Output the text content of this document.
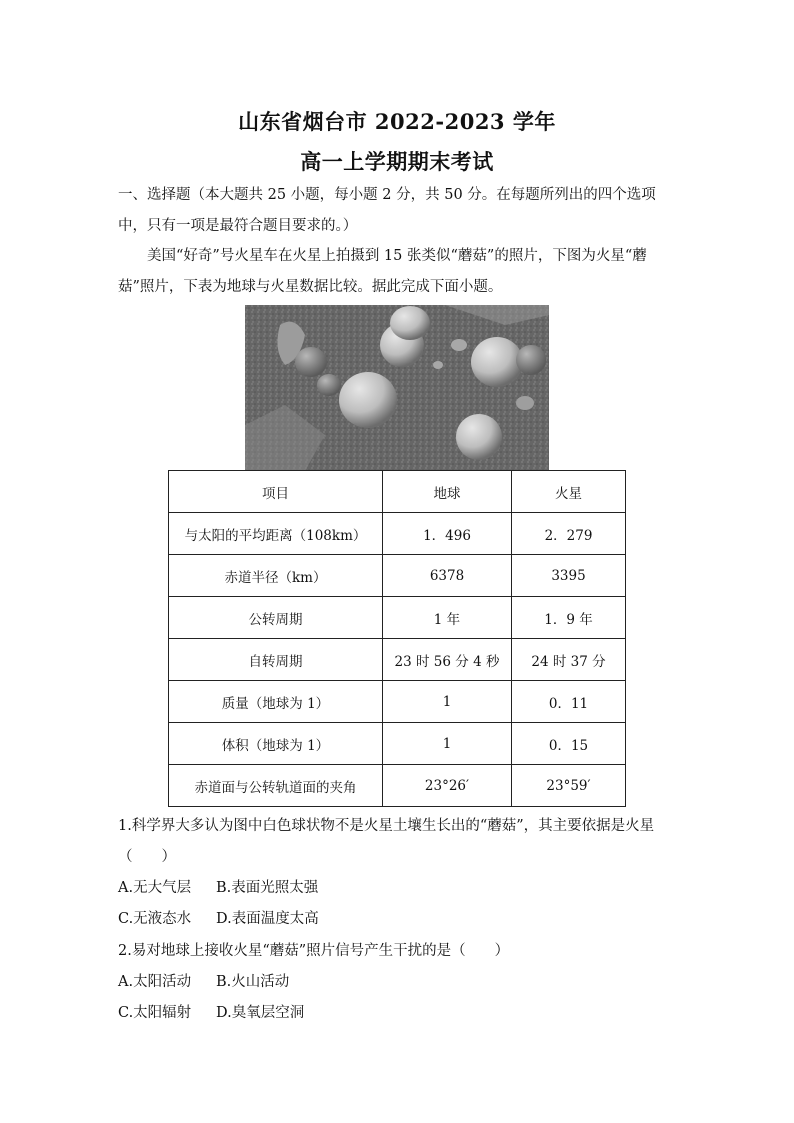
山东省烟台市 2022-2023 学年
高一上学期期末考试
一、选择题（本大题共 25 小题，每小题 2 分，共 50 分。在每题所列出的四个选项中，只有一项是最符合题目要求的。）
美国“好奇”号火星车在火星上拍摄到 15 张类似“蘑菇”的照片，下图为火星“蘑菇”照片，下表为地球与火星数据比较。据此完成下面小题。
项目	地球	火星
与太阳的平均距离（108km）	1．496	2．279
赤道半径（km）	6378	3395
公转周期	1 年	1．9 年
自转周期	23 时 56 分 4 秒	24 时 37 分
质量（地球为 1）	1	0．11
体积（地球为 1）	1	0．15
赤道面与公转轨道面的夹角	23°26′	23°59′
1.科学界大多认为图中白色球状物不是火星土壤生长出的“蘑菇”，其主要依据是火星
（　　）
A.无大气层 B.表面光照太强
C.无液态水 D.表面温度太高
2.易对地球上接收火星“蘑菇”照片信号产生干扰的是（　　）
A.太阳活动 B.火山活动
C.太阳辐射 D.臭氧层空洞
